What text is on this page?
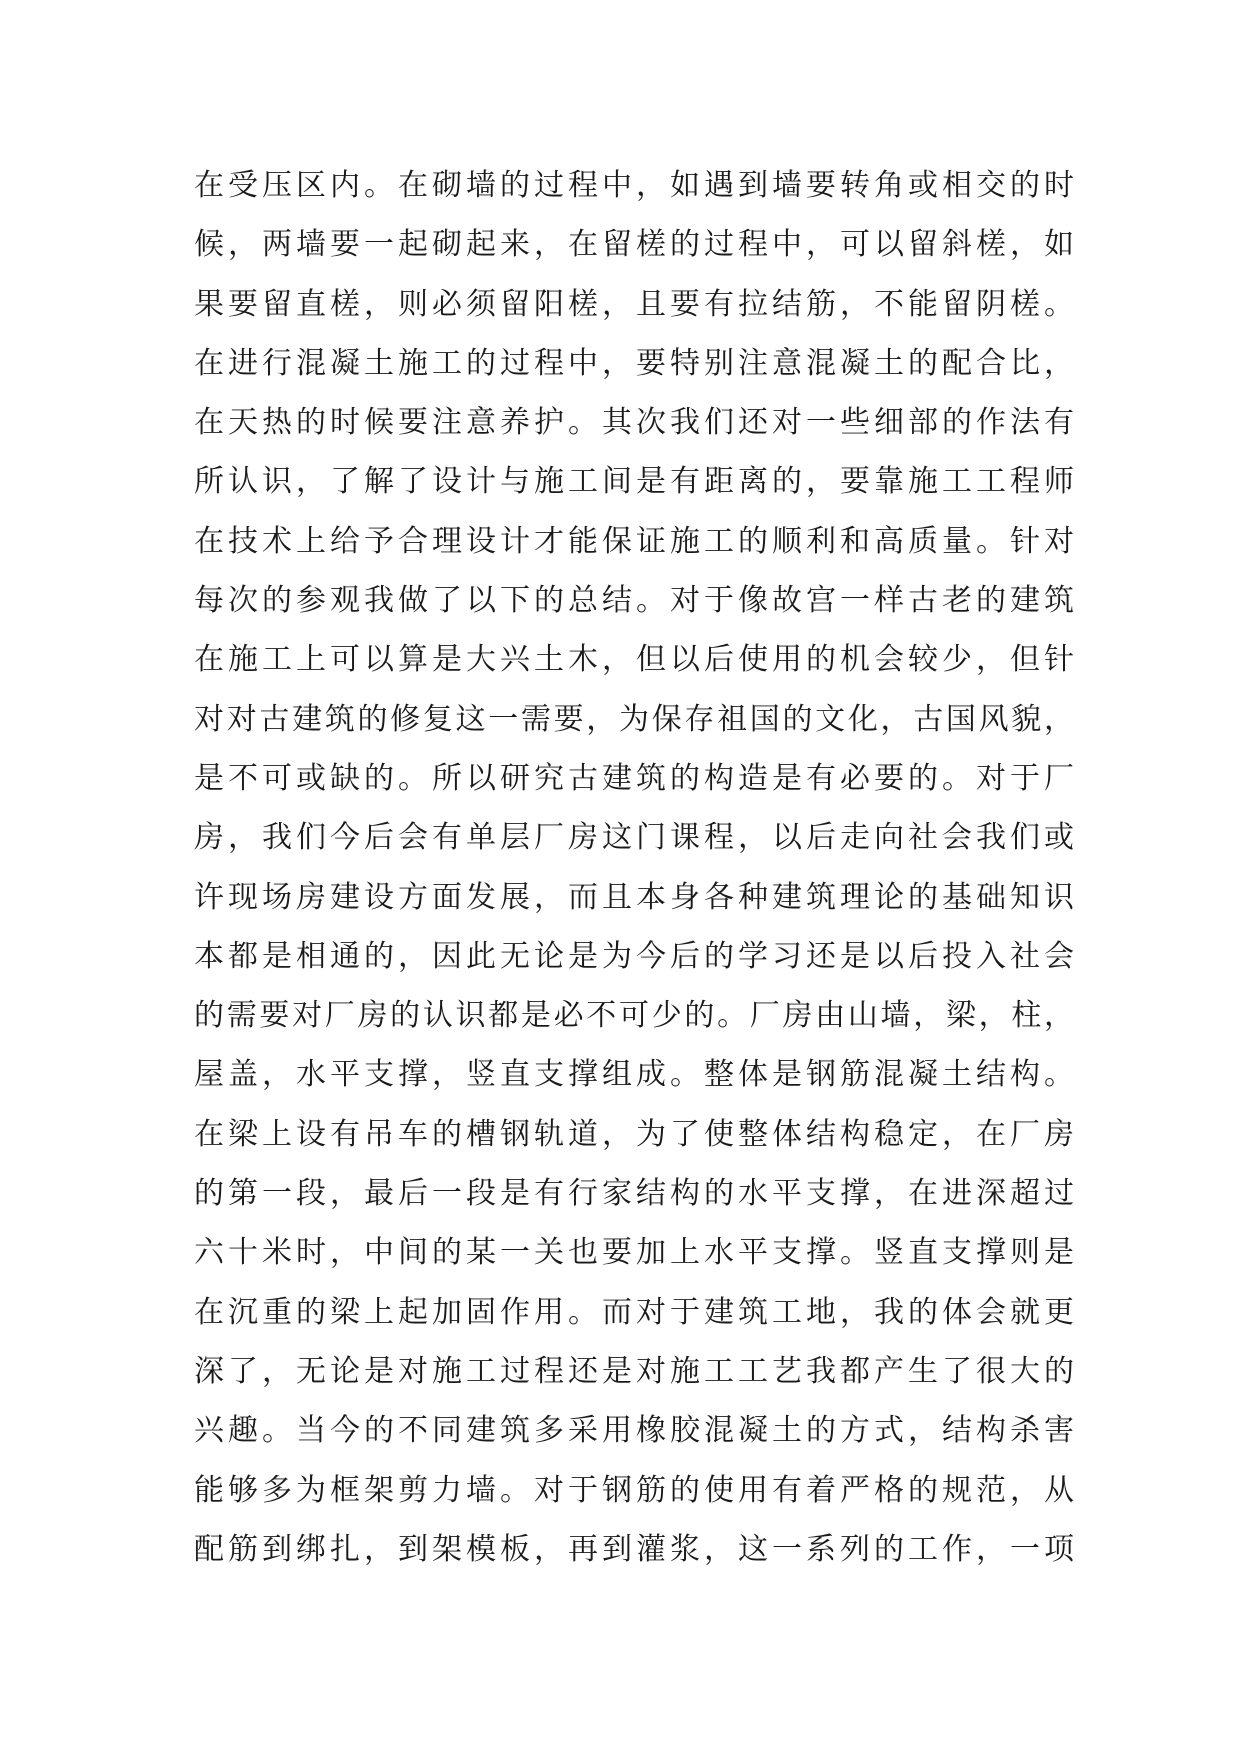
在受压区内。在砌墙的过程中，如遇到墙要转角或相交的时
候，两墙要一起砌起来，在留槎的过程中，可以留斜槎，如
果要留直槎，则必须留阳槎，且要有拉结筋，不能留阴槎。
在进行混凝土施工的过程中，要特别注意混凝土的配合比，
在天热的时候要注意养护。其次我们还对一些细部的作法有
所认识，了解了设计与施工间是有距离的，要靠施工工程师
在技术上给予合理设计才能保证施工的顺利和高质量。针对
每次的参观我做了以下的总结。对于像故宫一样古老的建筑
在施工上可以算是大兴土木，但以后使用的机会较少，但针
对对古建筑的修复这一需要，为保存祖国的文化，古国风貌，
是不可或缺的。所以研究古建筑的构造是有必要的。对于厂
房，我们今后会有单层厂房这门课程，以后走向社会我们或
许现场房建设方面发展，而且本身各种建筑理论的基础知识
本都是相通的，因此无论是为今后的学习还是以后投入社会
的需要对厂房的认识都是必不可少的。厂房由山墙，梁，柱，
屋盖，水平支撑，竖直支撑组成。整体是钢筋混凝土结构。
在梁上设有吊车的槽钢轨道，为了使整体结构稳定，在厂房
的第一段，最后一段是有行家结构的水平支撑，在进深超过
六十米时，中间的某一关也要加上水平支撑。竖直支撑则是
在沉重的梁上起加固作用。而对于建筑工地，我的体会就更
深了，无论是对施工过程还是对施工工艺我都产生了很大的
兴趣。当今的不同建筑多采用橡胶混凝土的方式，结构杀害
能够多为框架剪力墙。对于钢筋的使用有着严格的规范，从
配筋到绑扎，到架模板，再到灌浆，这一系列的工作，一项
